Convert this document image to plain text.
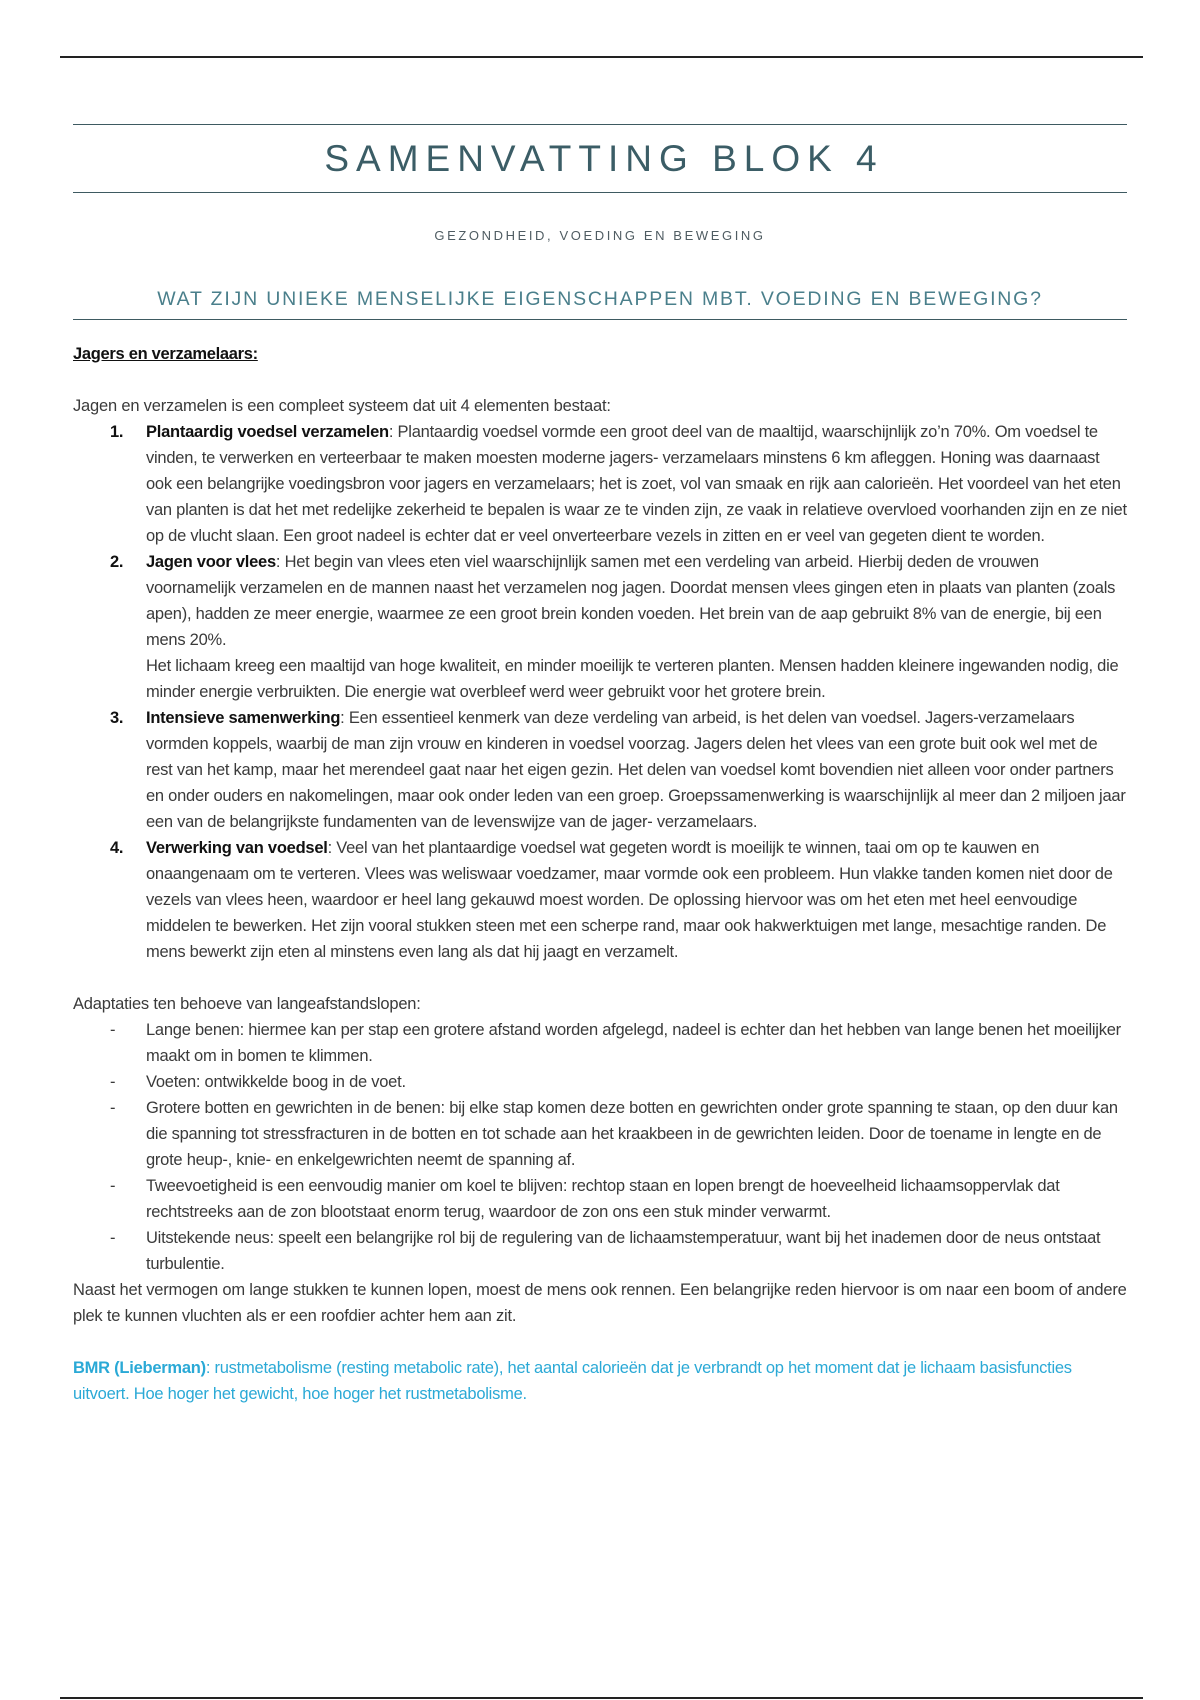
SAMENVATTING BLOK 4
GEZONDHEID, VOEDING EN BEWEGING
WAT ZIJN UNIEKE MENSELIJKE EIGENSCHAPPEN MBT. VOEDING EN BEWEGING?
Jagers en verzamelaars:
Jagen en verzamelen is een compleet systeem dat uit 4 elementen bestaat:
1. Plantaardig voedsel verzamelen: Plantaardig voedsel vormde een groot deel van de maaltijd, waarschijnlijk zo’n 70%. Om voedsel te vinden, te verwerken en verteerbaar te maken moesten moderne jagers- verzamelaars minstens 6 km afleggen. Honing was daarnaast ook een belangrijke voedingsbron voor jagers en verzamelaars; het is zoet, vol van smaak en rijk aan calorieën. Het voordeel van het eten van planten is dat het met redelijke zekerheid te bepalen is waar ze te vinden zijn, ze vaak in relatieve overvloed voorhanden zijn en ze niet op de vlucht slaan. Een groot nadeel is echter dat er veel onverteerbare vezels in zitten en er veel van gegeten dient te worden.
2. Jagen voor vlees: Het begin van vlees eten viel waarschijnlijk samen met een verdeling van arbeid. Hierbij deden de vrouwen voornamelijk verzamelen en de mannen naast het verzamelen nog jagen. Doordat mensen vlees gingen eten in plaats van planten (zoals apen), hadden ze meer energie, waarmee ze een groot brein konden voeden. Het brein van de aap gebruikt 8% van de energie, bij een mens 20%.
Het lichaam kreeg een maaltijd van hoge kwaliteit, en minder moeilijk te verteren planten. Mensen hadden kleinere ingewanden nodig, die minder energie verbruikten. Die energie wat overbleef werd weer gebruikt voor het grotere brein.
3. Intensieve samenwerking: Een essentieel kenmerk van deze verdeling van arbeid, is het delen van voedsel. Jagers-verzamelaars vormden koppels, waarbij de man zijn vrouw en kinderen in voedsel voorzag. Jagers delen het vlees van een grote buit ook wel met de rest van het kamp, maar het merendeel gaat naar het eigen gezin. Het delen van voedsel komt bovendien niet alleen voor onder partners en onder ouders en nakomelingen, maar ook onder leden van een groep. Groepssamenwerking is waarschijnlijk al meer dan 2 miljoen jaar een van de belangrijkste fundamenten van de levenswijze van de jager- verzamelaars.
4. Verwerking van voedsel: Veel van het plantaardige voedsel wat gegeten wordt is moeilijk te winnen, taai om op te kauwen en onaangenaam om te verteren. Vlees was weliswaar voedzamer, maar vormde ook een probleem. Hun vlakke tanden komen niet door de vezels van vlees heen, waardoor er heel lang gekauwd moest worden. De oplossing hiervoor was om het eten met heel eenvoudige middelen te bewerken. Het zijn vooral stukken steen met een scherpe rand, maar ook hakwerktuigen met lange, mesachtige randen. De mens bewerkt zijn eten al minstens even lang als dat hij jaagt en verzamelt.
Adaptaties ten behoeve van langeafstandslopen:
- Lange benen: hiermee kan per stap een grotere afstand worden afgelegd, nadeel is echter dan het hebben van lange benen het moeilijker maakt om in bomen te klimmen.
- Voeten: ontwikkelde boog in de voet.
- Grotere botten en gewrichten in de benen: bij elke stap komen deze botten en gewrichten onder grote spanning te staan, op den duur kan die spanning tot stressfracturen in de botten en tot schade aan het kraakbeen in de gewrichten leiden. Door de toename in lengte en de grote heup-, knie- en enkelgewrichten neemt de spanning af.
- Tweevoetigheid is een eenvoudig manier om koel te blijven: rechtop staan en lopen brengt de hoeveelheid lichaamsoppervlak dat rechtstreeks aan de zon blootstaat enorm terug, waardoor de zon ons een stuk minder verwarmt.
- Uitstekende neus: speelt een belangrijke rol bij de regulering van de lichaamstemperatuur, want bij het inademen door de neus ontstaat turbulentie.
Naast het vermogen om lange stukken te kunnen lopen, moest de mens ook rennen. Een belangrijke reden hiervoor is om naar een boom of andere plek te kunnen vluchten als er een roofdier achter hem aan zit.
BMR (Lieberman): rustmetabolisme (resting metabolic rate), het aantal calorieën dat je verbrandt op het moment dat je lichaam basisfuncties uitvoert. Hoe hoger het gewicht, hoe hoger het rustmetabolisme.
